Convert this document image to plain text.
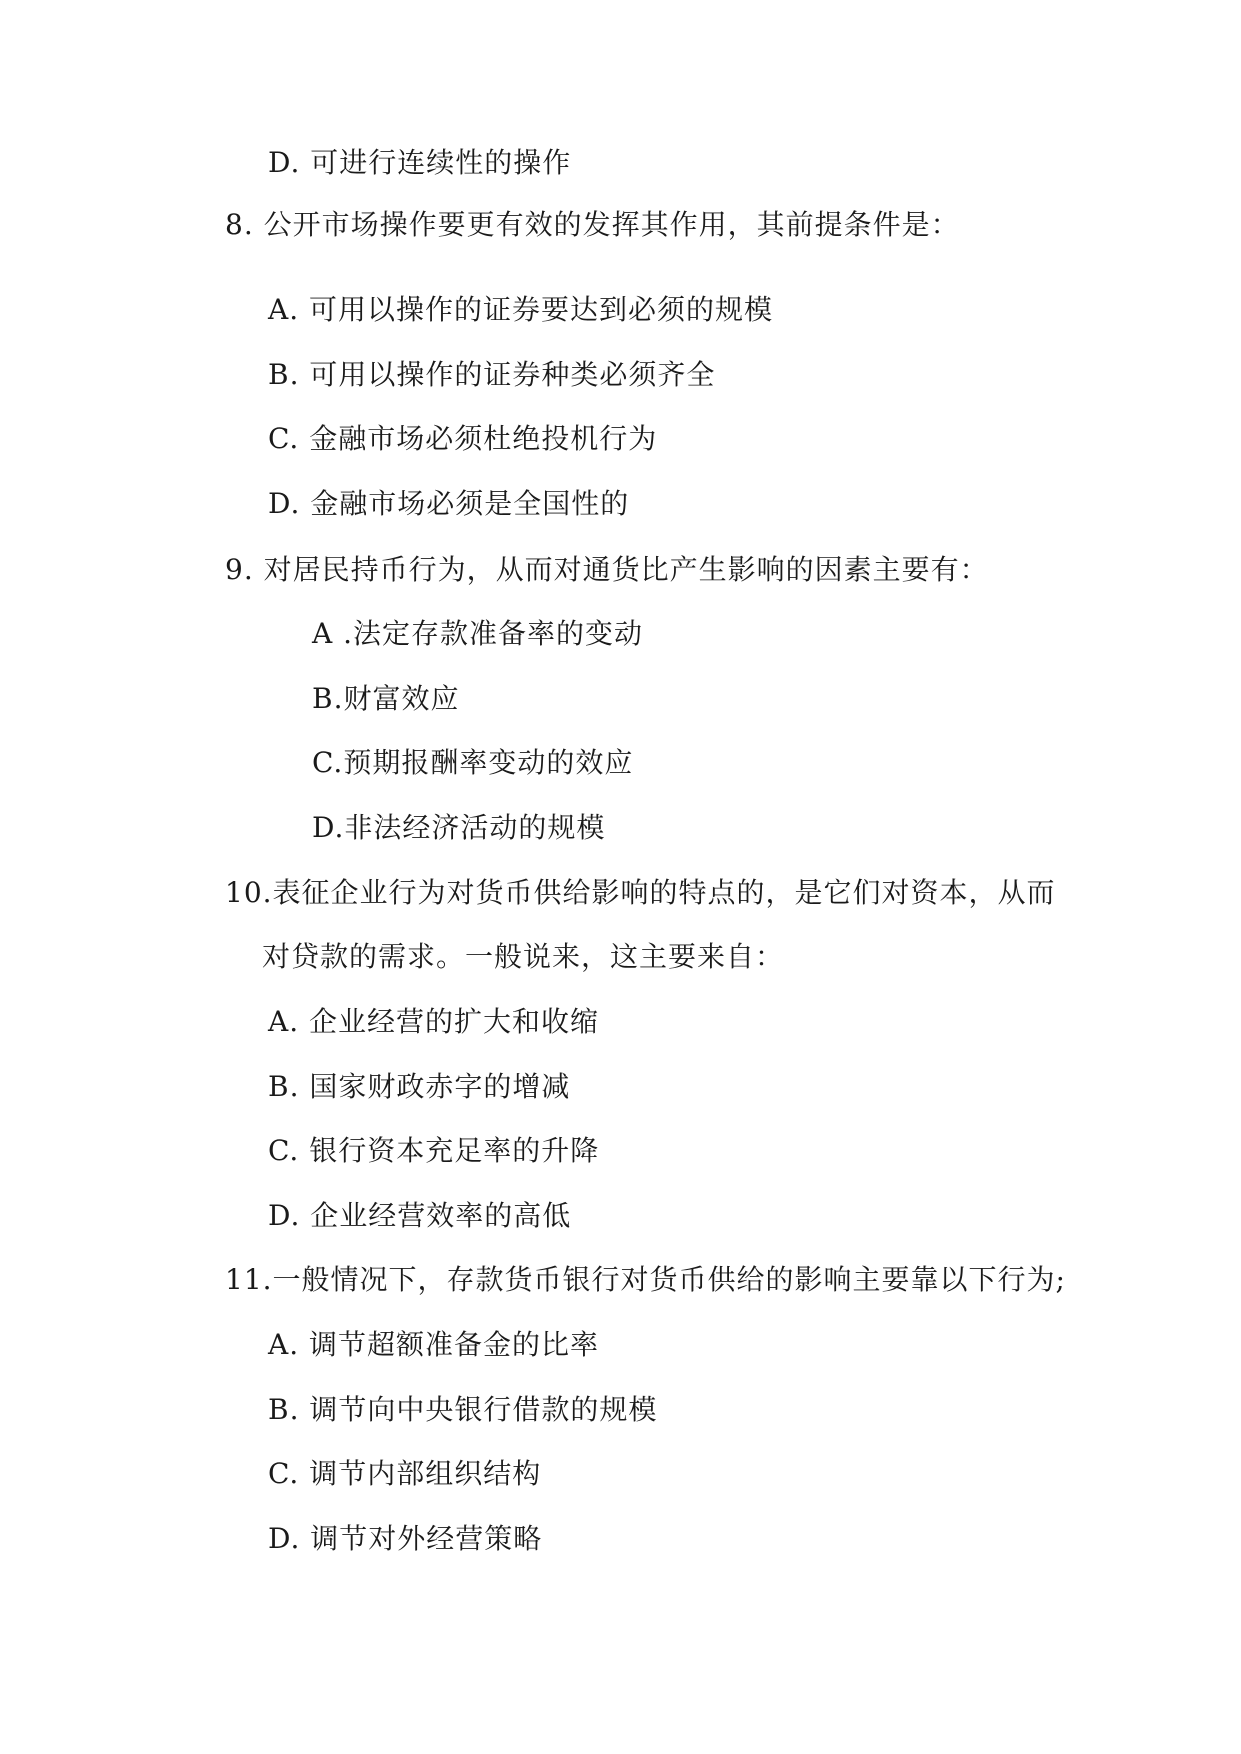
D. 可进行连续性的操作
8. 公开市场操作要更有效的发挥其作用，其前提条件是：
A. 可用以操作的证券要达到必须的规模
B. 可用以操作的证券种类必须齐全
C. 金融市场必须杜绝投机行为
D. 金融市场必须是全国性的
9. 对居民持币行为，从而对通货比产生影响的因素主要有：
A .法定存款准备率的变动
B.财富效应
C.预期报酬率变动的效应
D.非法经济活动的规模
10.表征企业行为对货币供给影响的特点的，是它们对资本，从而
对贷款的需求。一般说来，这主要来自：
A. 企业经营的扩大和收缩
B. 国家财政赤字的增减
C. 银行资本充足率的升降
D. 企业经营效率的高低
11.一般情况下，存款货币银行对货币供给的影响主要靠以下行为;
A. 调节超额准备金的比率
B. 调节向中央银行借款的规模
C. 调节内部组织结构
D. 调节对外经营策略
